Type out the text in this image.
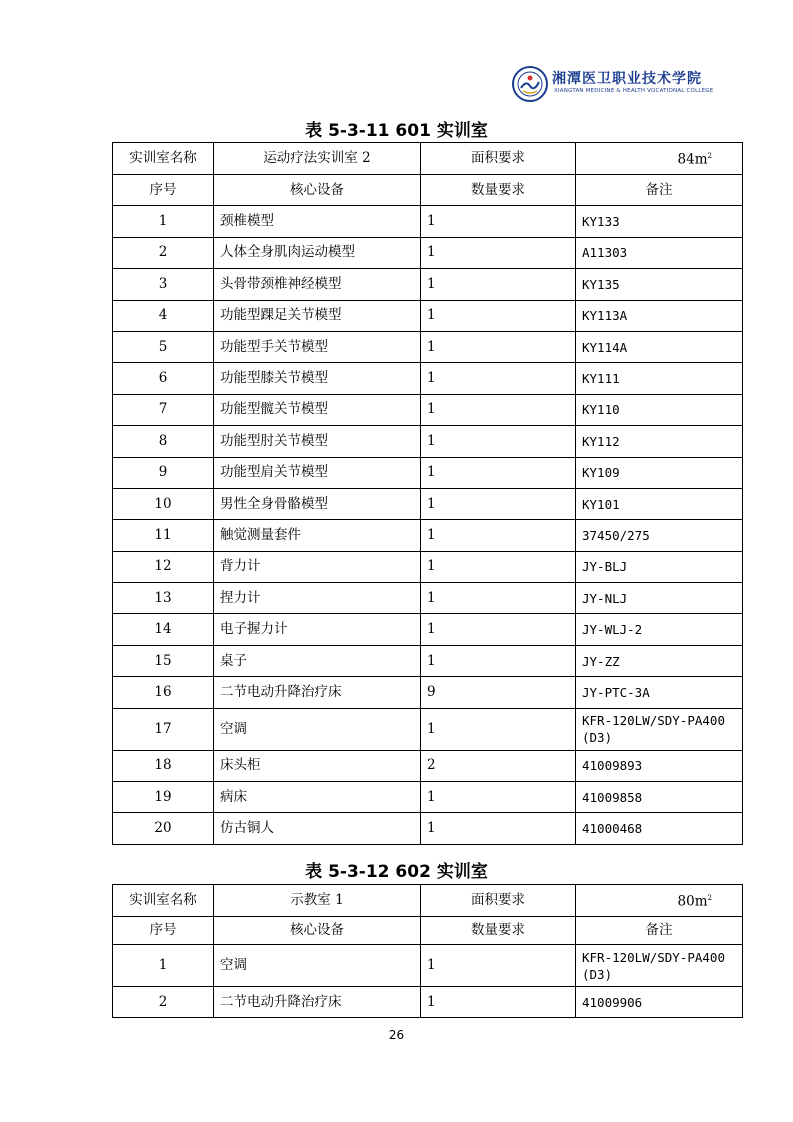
湘潭医卫职业技术学院
XIANGTAN MEDICINE & HEALTH VOCATIONAL COLLEGE
表 5-3-11 601 实训室
实训室名称	运动疗法实训室 2	面积要求	$84m^2$
序号	核心设备	数量要求	备注
1	颈椎模型	1	KY133
2	人体全身肌肉运动模型	1	A11303
3	头骨带颈椎神经模型	1	KY135
4	功能型踝足关节模型	1	KY113A
5	功能型手关节模型	1	KY114A
6	功能型膝关节模型	1	KY111
7	功能型髋关节模型	1	KY110
8	功能型肘关节模型	1	KY112
9	功能型肩关节模型	1	KY109
10	男性全身骨骼模型	1	KY101
11	触觉测量套件	1	37450/275
12	背力计	1	JY-BLJ
13	捏力计	1	JY-NLJ
14	电子握力计	1	JY-WLJ-2
15	桌子	1	JY-ZZ
16	二节电动升降治疗床	9	JY-PTC-3A
17	空调	1	KFR-120LW/SDY-PA400(D3)
18	床头柜	2	41009893
19	病床	1	41009858
20	仿古铜人	1	41000468
表 5-3-12 602 实训室
实训室名称	示教室 1	面积要求	$80m^2$
序号	核心设备	数量要求	备注
1	空调	1	KFR-120LW/SDY-PA400(D3)
2	二节电动升降治疗床	1	41009906
26
